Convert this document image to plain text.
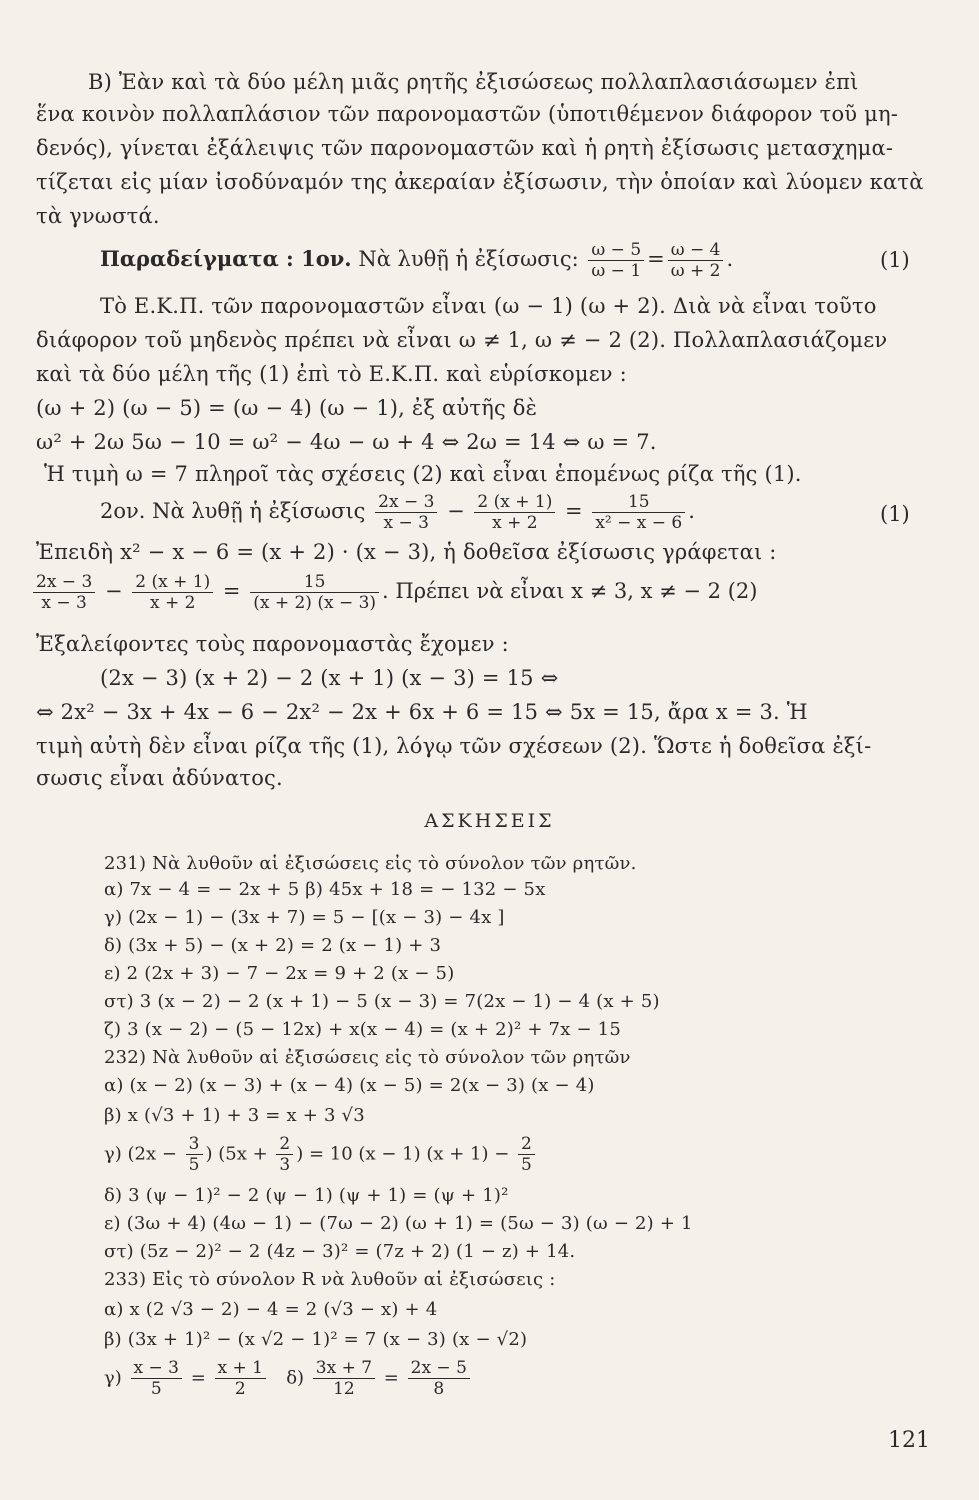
Β) Ἐὰν καὶ τὰ δύο μέλη μιᾶς ρητῆς ἐξισώσεως πολλαπλασιάσωμεν ἐπὶ
ἕνα κοινὸν πολλαπλάσιον τῶν παρονομαστῶν (ὑποτιθέμενον διάφορον τοῦ μη-
δενός), γίνεται ἐξάλειψις τῶν παρονομαστῶν καὶ ἡ ρητὴ ἐξίσωσις μετασχημα-
τίζεται εἰς μίαν ἰσοδύναμόν της ἀκεραίαν ἐξίσωσιν, τὴν ὁποίαν καὶ λύομεν κατὰ
τὰ γνωστά.
Παραδείγματα : 1ον. Νὰ λυθῇ ἡ ἐξίσωσις: $\frac{\omega - 5}{\omega - 1} = \frac{\omega - 4}{\omega + 2}$ .	(1)
Τὸ Ε.Κ.Π. τῶν παρονομαστῶν εἶναι (ω − 1) (ω + 2). Διὰ νὰ εἶναι τοῦτο
διάφορον τοῦ μηδενὸς πρέπει νὰ εἶναι ω ≠ 1, ω ≠ − 2 (2). Πολλαπλασιάζομεν
καὶ τὰ δύο μέλη τῆς (1) ἐπὶ τὸ Ε.Κ.Π. καὶ εὑρίσκομεν :
(ω + 2) (ω − 5) = (ω − 4) (ω − 1), ἐξ αὐτῆς δὲ
ω² + 2ω 5ω − 10 = ω² − 4ω − ω + 4 ⇔ 2ω = 14 ⇔ ω = 7.
Ἡ τιμὴ ω = 7 πληροῖ τὰς σχέσεις (2) καὶ εἶναι ἑπομένως ρίζα τῆς (1).
2ον. Νὰ λυθῇ ἡ ἐξίσωσις $\frac{2x - 3}{x - 3} - \frac{2 (x + 1)}{x + 2} = \frac{15}{\text{x² − x − 6}}$ .	(1)
Ἐπειδὴ x² − x − 6 = (x + 2) · (x − 3), ἡ δοθεῖσα ἐξίσωσις γράφεται :
$\frac{2x - 3}{x - 3} - \frac{2 (x + 1)}{x + 2} = \frac{15}{(x + 2) (x - 3)}$ . Πρέπει νὰ εἶναι x ≠ 3, x ≠ − 2 (2)
Ἐξαλείφοντες τοὺς παρονομαστὰς ἔχομεν :
(2x − 3) (x + 2) − 2 (x + 1) (x − 3) = 15 ⇔
⇔ 2x² − 3x + 4x − 6 − 2x² − 2x + 6x + 6 = 15 ⇔ 5x = 15, ἄρα x = 3. Ἡ
τιμὴ αὐτὴ δὲν εἶναι ρίζα τῆς (1), λόγῳ τῶν σχέσεων (2). Ὥστε ἡ δοθεῖσα ἐξί-
σωσις εἶναι ἀδύνατος.
ΑΣΚΗΣΕΙΣ
231) Νὰ λυθοῦν αἱ ἐξισώσεις εἰς τὸ σύνολον τῶν ρητῶν.
α) 7x − 4 = − 2x + 5 β) 45x + 18 = − 132 − 5x
γ) (2x − 1) − (3x + 7) = 5 − [(x − 3) − 4x ]
δ) (3x + 5) − (x + 2) = 2 (x − 1) + 3
ε) 2 (2x + 3) − 7 − 2x = 9 + 2 (x − 5)
στ) 3 (x − 2) − 2 (x + 1) − 5 (x − 3) = 7(2x − 1) − 4 (x + 5)
ζ) 3 (x − 2) − (5 − 12x) + x(x − 4) = (x + 2)² + 7x − 15
232) Νὰ λυθοῦν αἱ ἐξισώσεις εἰς τὸ σύνολον τῶν ρητῶν
α) (x − 2) (x − 3) + (x − 4) (x − 5) = 2(x − 3) (x − 4)
β) x (√3 + 1) + 3 = x + 3 √3
γ) ($2x - \frac{3}{5}$ ) ($5x + \frac{2}{3}$ ) = 10 (x − 1) $(x + 1) - \frac{2}{5}$
δ) 3 (ψ − 1)² − 2 (ψ − 1) (ψ + 1) = (ψ + 1)²
ε) (3ω + 4) (4ω − 1) − (7ω − 2) (ω + 1) = (5ω − 3) (ω − 2) + 1
στ) (5z − 2)² − 2 (4z − 3)² = (7z + 2) (1 − z) + 14.
233) Εἰς τὸ σύνολον R νὰ λυθοῦν αἱ ἐξισώσεις :
α) x (2 √3 − 2) − 4 = 2 (√3 − x) + 4
β) (3x + 1)² − (x √2 − 1)² = 7 (x − 3) (x − √2)
$\gamma) \frac{x - 3}{5} = \frac{x + 1}{2} \delta) \frac{3x + 7}{12} = \frac{2x - 5}{8}$
121
